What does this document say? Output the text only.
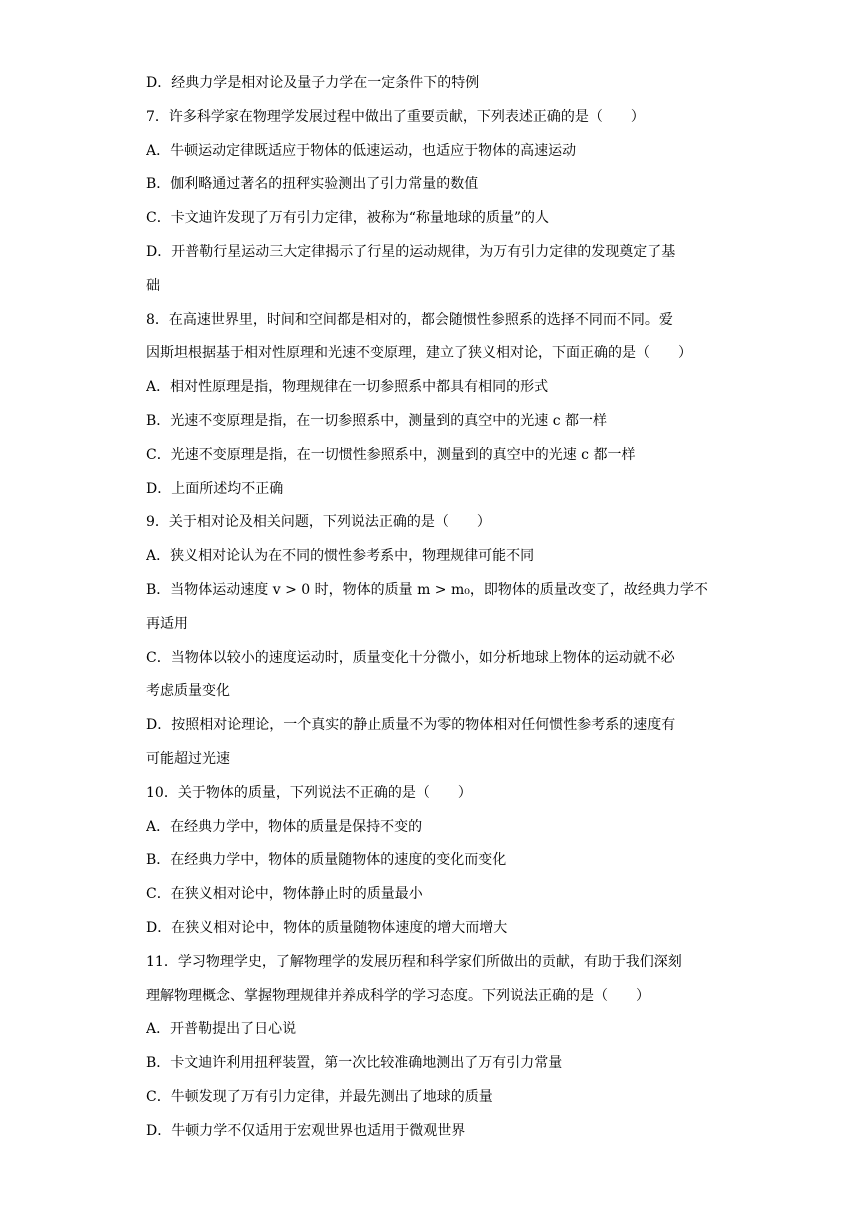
D．经典力学是相对论及量子力学在一定条件下的特例
7．许多科学家在物理学发展过程中做出了重要贡献，下列表述正确的是（　　）
A．牛顿运动定律既适应于物体的低速运动，也适应于物体的高速运动
B．伽利略通过著名的扭秤实验测出了引力常量的数值
C．卡文迪许发现了万有引力定律，被称为“称量地球的质量”的人
D．开普勒行星运动三大定律揭示了行星的运动规律，为万有引力定律的发现奠定了基
础
8．在高速世界里，时间和空间都是相对的，都会随惯性参照系的选择不同而不同。爱
因斯坦根据基于相对性原理和光速不变原理，建立了狭义相对论，下面正确的是（　　）
A．相对性原理是指，物理规律在一切参照系中都具有相同的形式
B．光速不变原理是指，在一切参照系中，测量到的真空中的光速 c 都一样
C．光速不变原理是指，在一切惯性参照系中，测量到的真空中的光速 c 都一样
D．上面所述均不正确
9．关于相对论及相关问题，下列说法正确的是（　　）
A．狭义相对论认为在不同的惯性参考系中，物理规律可能不同
B．当物体运动速度 v > 0 时，物体的质量 m > m₀，即物体的质量改变了，故经典力学不
再适用
C．当物体以较小的速度运动时，质量变化十分微小，如分析地球上物体的运动就不必
考虑质量变化
D．按照相对论理论，一个真实的静止质量不为零的物体相对任何惯性参考系的速度有
可能超过光速
10．关于物体的质量，下列说法不正确的是（　　）
A．在经典力学中，物体的质量是保持不变的
B．在经典力学中，物体的质量随物体的速度的变化而变化
C．在狭义相对论中，物体静止时的质量最小
D．在狭义相对论中，物体的质量随物体速度的增大而增大
11．学习物理学史，了解物理学的发展历程和科学家们所做出的贡献，有助于我们深刻
理解物理概念、掌握物理规律并养成科学的学习态度。下列说法正确的是（　　）
A．开普勒提出了日心说
B．卡文迪许利用扭秤装置，第一次比较准确地测出了万有引力常量
C．牛顿发现了万有引力定律，并最先测出了地球的质量
D．牛顿力学不仅适用于宏观世界也适用于微观世界
